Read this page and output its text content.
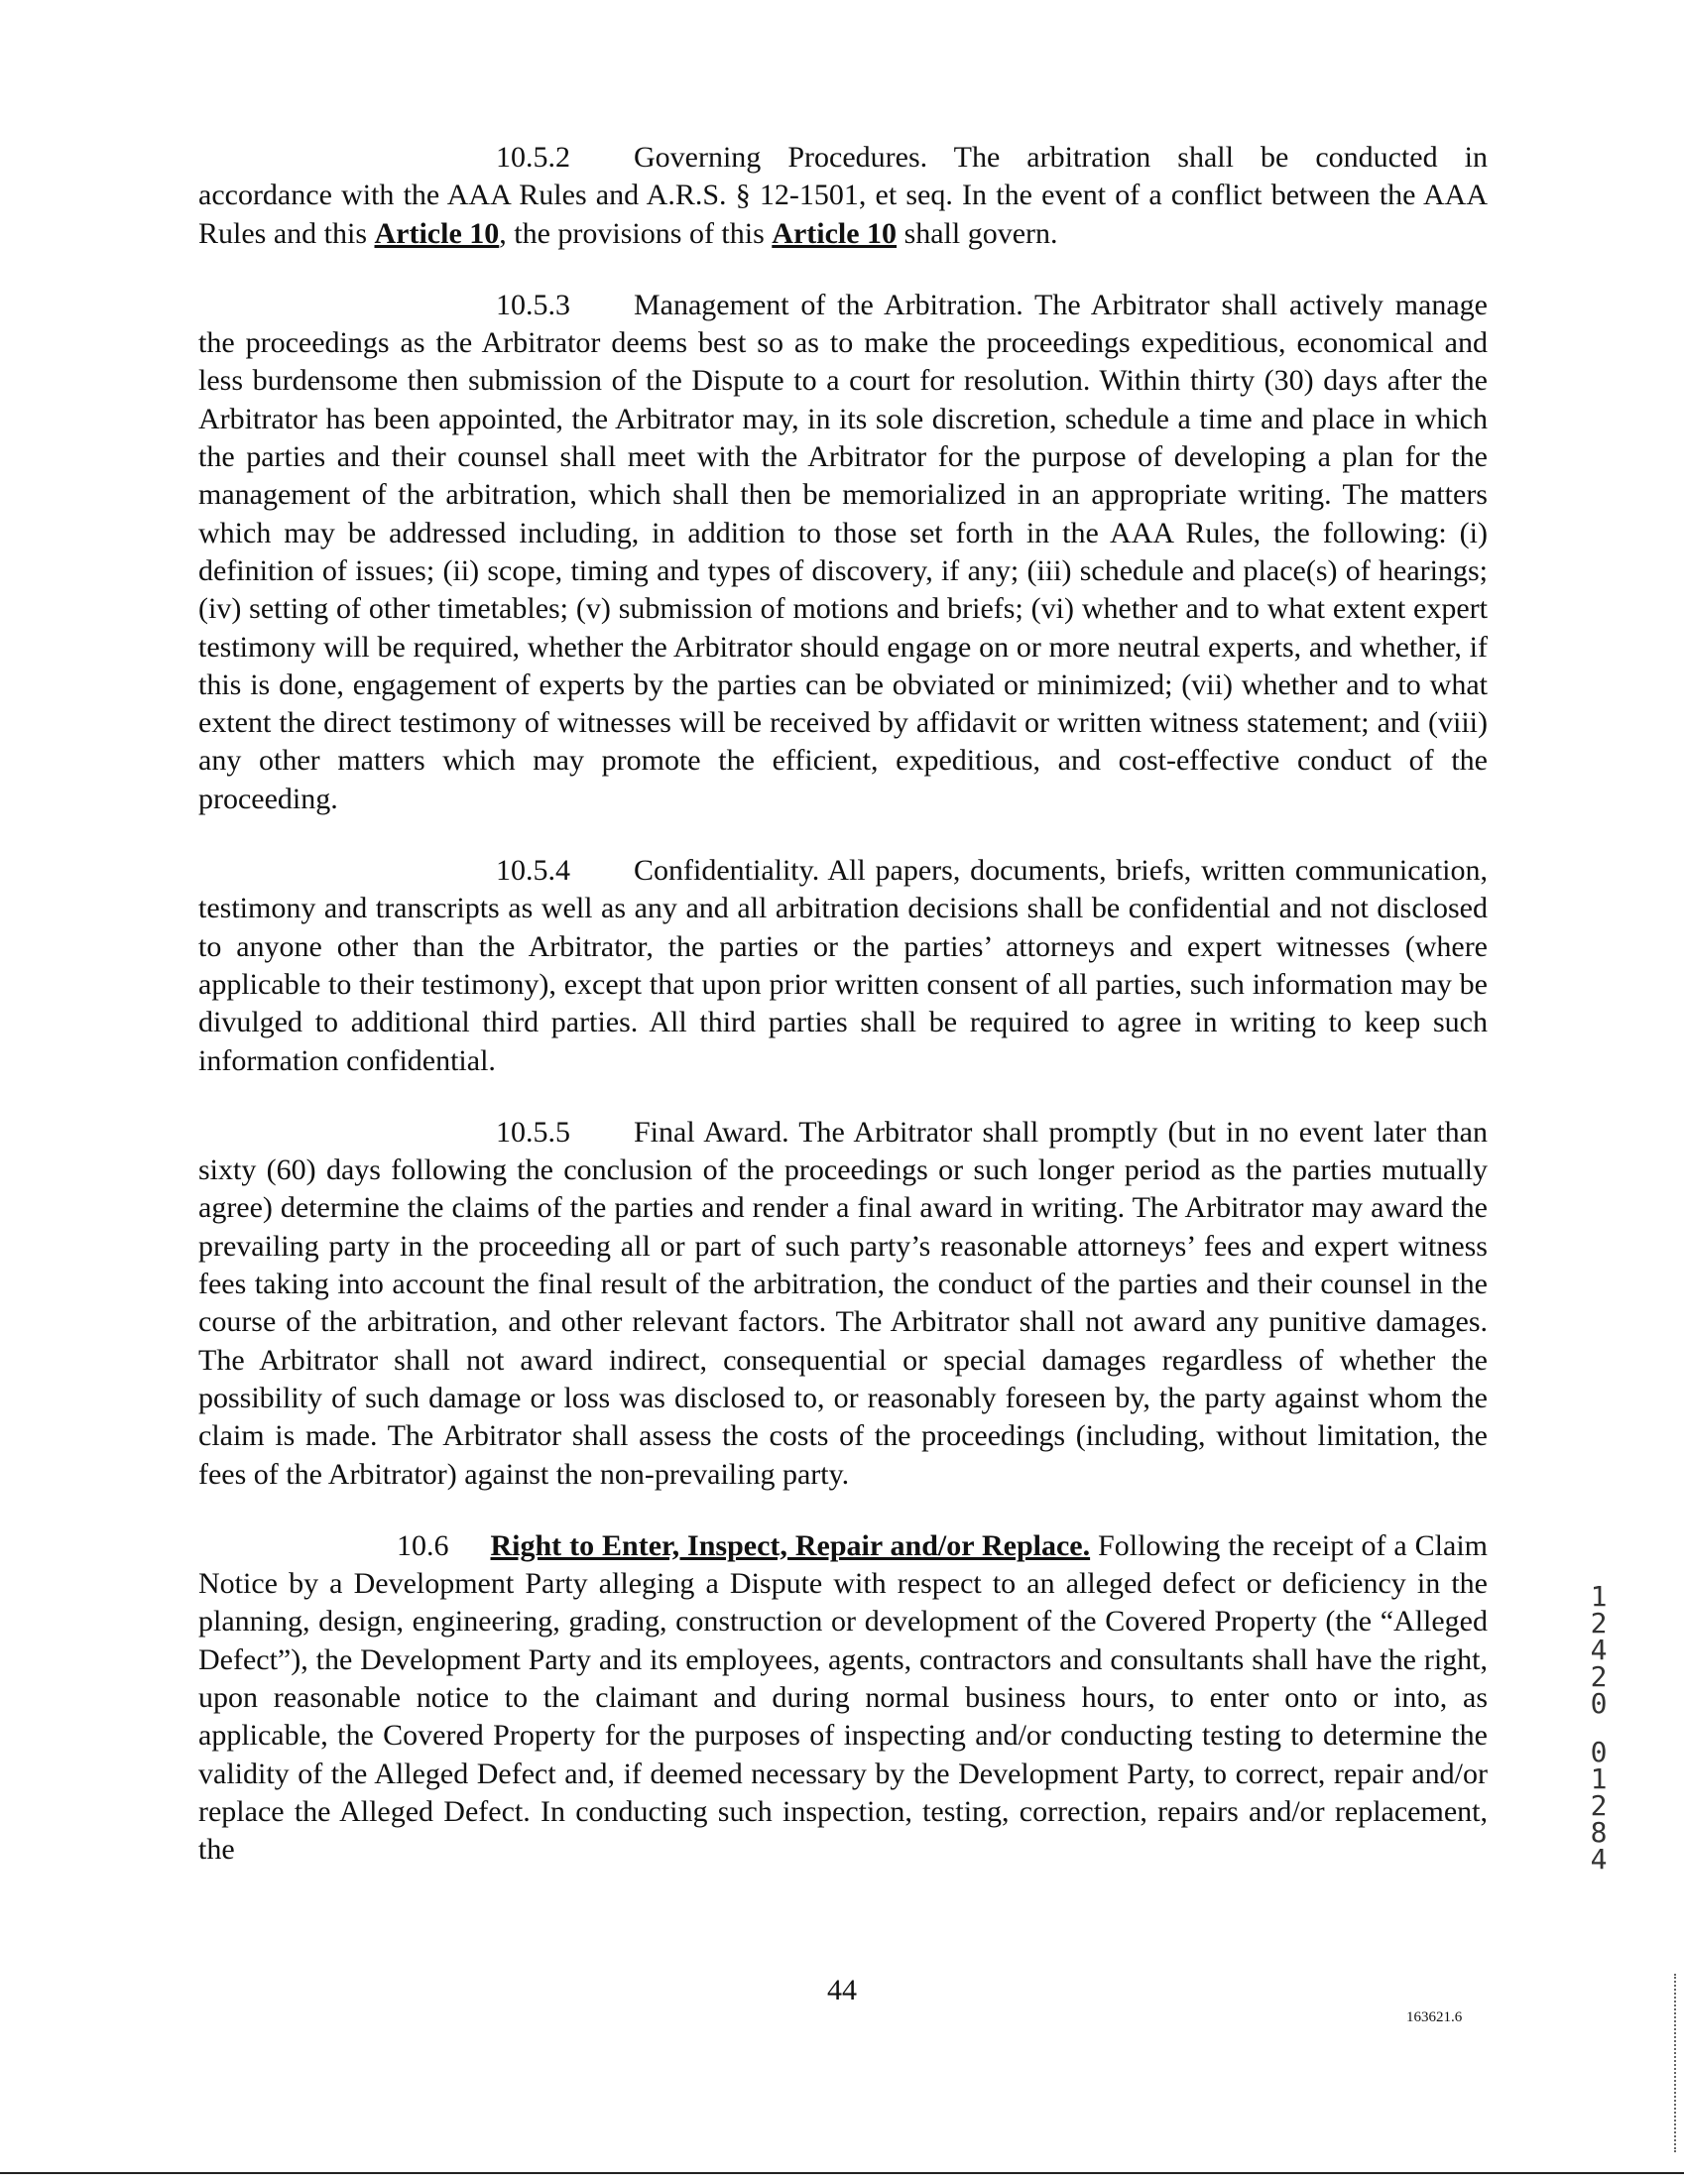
10.5.2 Governing Procedures. The arbitration shall be conducted in accordance with the AAA Rules and A.R.S. § 12-1501, et seq. In the event of a conflict between the AAA Rules and this Article 10, the provisions of this Article 10 shall govern.

10.5.3 Management of the Arbitration. The Arbitrator shall actively manage the proceedings as the Arbitrator deems best so as to make the proceedings expeditious, economical and less burdensome then submission of the Dispute to a court for resolution. Within thirty (30) days after the Arbitrator has been appointed, the Arbitrator may, in its sole discretion, schedule a time and place in which the parties and their counsel shall meet with the Arbitrator for the purpose of developing a plan for the management of the arbitration, which shall then be memorialized in an appropriate writing. The matters which may be addressed including, in addition to those set forth in the AAA Rules, the following: (i) definition of issues; (ii) scope, timing and types of discovery, if any; (iii) schedule and place(s) of hearings; (iv) setting of other timetables; (v) submission of motions and briefs; (vi) whether and to what extent expert testimony will be required, whether the Arbitrator should engage on or more neutral experts, and whether, if this is done, engagement of experts by the parties can be obviated or minimized; (vii) whether and to what extent the direct testimony of witnesses will be received by affidavit or written witness statement; and (viii) any other matters which may promote the efficient, expeditious, and cost-effective conduct of the proceeding.

10.5.4 Confidentiality. All papers, documents, briefs, written communication, testimony and transcripts as well as any and all arbitration decisions shall be confidential and not disclosed to anyone other than the Arbitrator, the parties or the parties’ attorneys and expert witnesses (where applicable to their testimony), except that upon prior written consent of all parties, such information may be divulged to additional third parties. All third parties shall be required to agree in writing to keep such information confidential.

10.5.5 Final Award. The Arbitrator shall promptly (but in no event later than sixty (60) days following the conclusion of the proceedings or such longer period as the parties mutually agree) determine the claims of the parties and render a final award in writing. The Arbitrator may award the prevailing party in the proceeding all or part of such party’s reasonable attorneys’ fees and expert witness fees taking into account the final result of the arbitration, the conduct of the parties and their counsel in the course of the arbitration, and other relevant factors. The Arbitrator shall not award any punitive damages. The Arbitrator shall not award indirect, consequential or special damages regardless of whether the possibility of such damage or loss was disclosed to, or reasonably foreseen by, the party against whom the claim is made. The Arbitrator shall assess the costs of the proceedings (including, without limitation, the fees of the Arbitrator) against the non-prevailing party.

10.6 Right to Enter, Inspect, Repair and/or Replace. Following the receipt of a Claim Notice by a Development Party alleging a Dispute with respect to an alleged defect or deficiency in the planning, design, engineering, grading, construction or development of the Covered Property (the “Alleged Defect”), the Development Party and its employees, agents, contractors and consultants shall have the right, upon reasonable notice to the claimant and during normal business hours, to enter onto or into, as applicable, the Covered Property for the purposes of inspecting and/or conducting testing to determine the validity of the Alleged Defect and, if deemed necessary by the Development Party, to correct, repair and/or replace the Alleged Defect. In conducting such inspection, testing, correction, repairs and/or replacement, the

44
163621.6
1
2
4
2
0
0
1
2
8
4
